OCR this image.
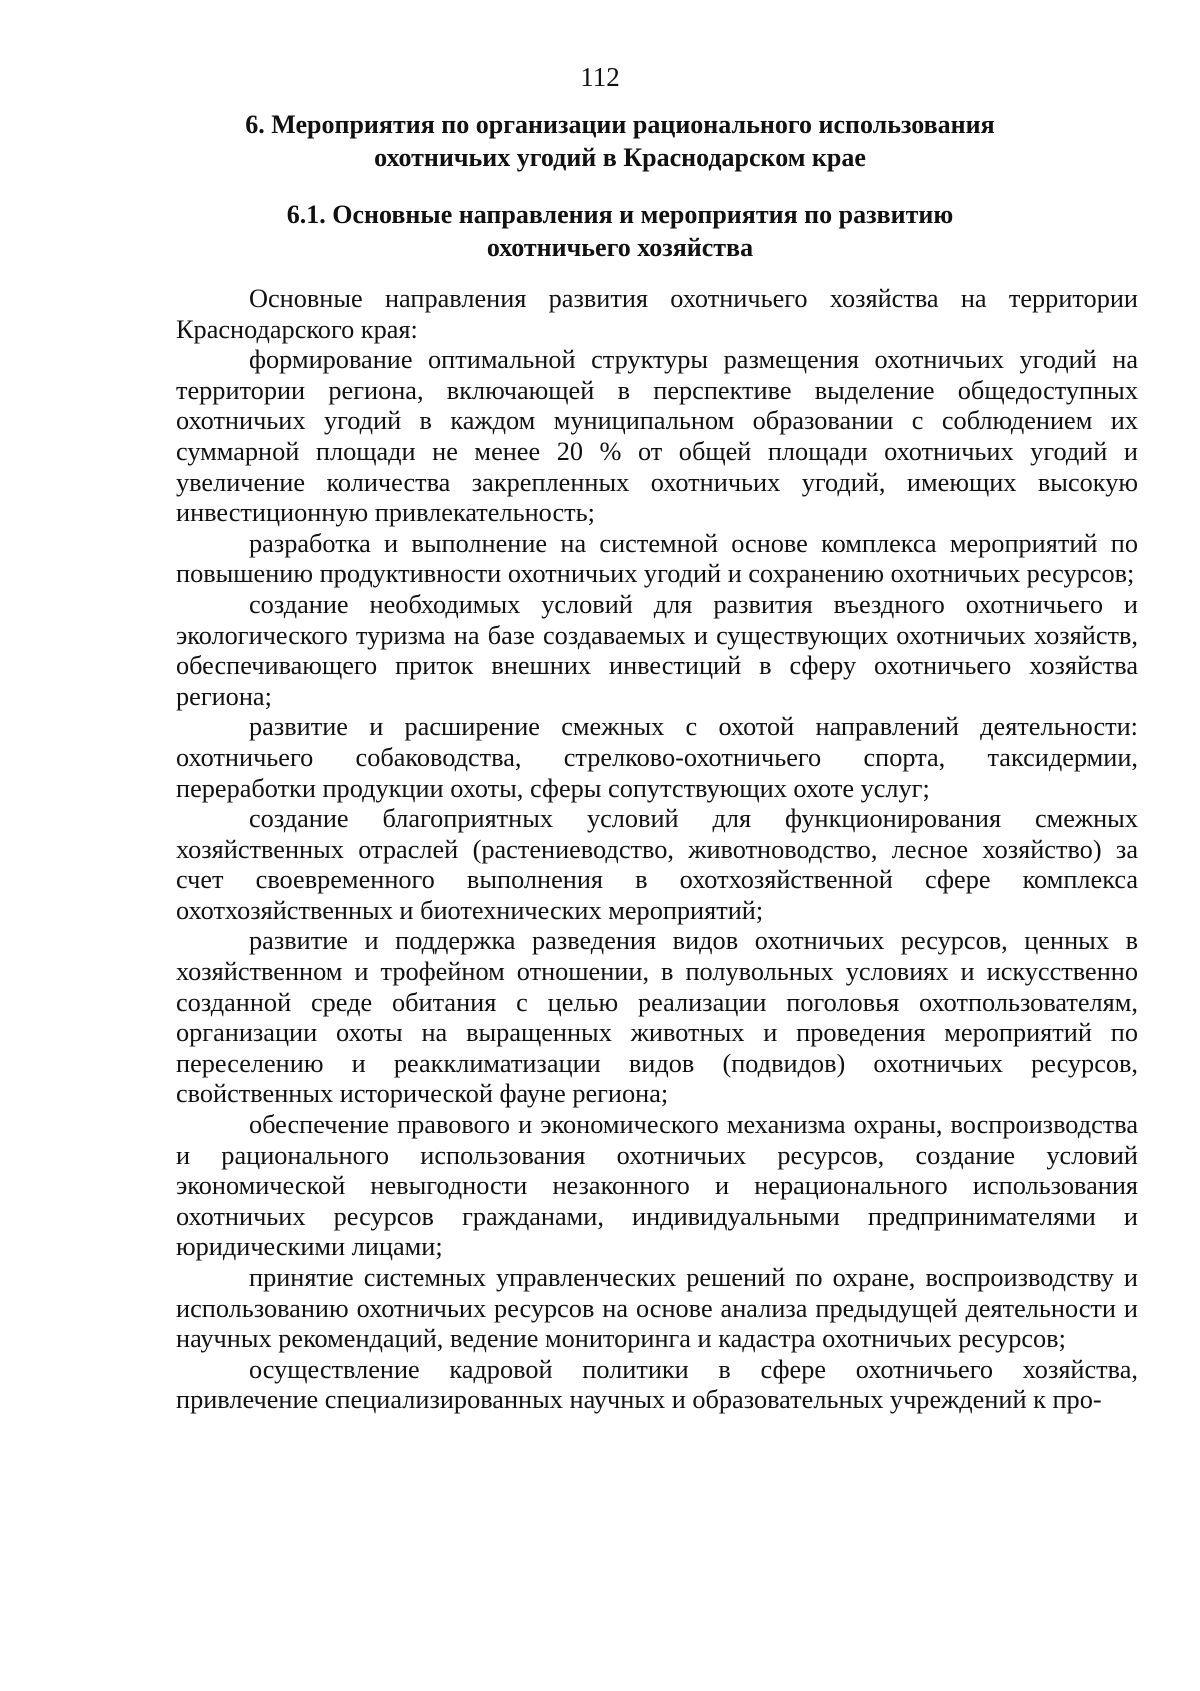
112
6. Мероприятия по организации рационального использования
охотничьих угодий в Краснодарском крае
6.1. Основные направления и мероприятия по развитию
охотничьего хозяйства

Основные направления развития охотничьего хозяйства на территории Краснодарского края:

формирование оптимальной структуры размещения охотничьих угодий на территории региона, включающей в перспективе выделение общедоступных охотничьих угодий в каждом муниципальном образовании с соблюдением их суммарной площади не менее 20 % от общей площади охотничьих угодий и увеличение количества закрепленных охотничьих угодий, имеющих высокую инвестиционную привлекательность;

разработка и выполнение на системной основе комплекса мероприятий по повышению продуктивности охотничьих угодий и сохранению охотничьих ресурсов;

создание необходимых условий для развития въездного охотничьего и экологического туризма на базе создаваемых и существующих охотничьих хозяйств, обеспечивающего приток внешних инвестиций в сферу охотничьего хозяйства региона;

развитие и расширение смежных с охотой направлений деятельности: охотничьего собаководства, стрелково-охотничьего спорта, таксидермии, переработки продукции охоты, сферы сопутствующих охоте услуг;

создание благоприятных условий для функционирования смежных хозяйственных отраслей (растениеводство, животноводство, лесное хозяйство) за счет своевременного выполнения в охотхозяйственной сфере комплекса охотхозяйственных и биотехнических мероприятий;

развитие и поддержка разведения видов охотничьих ресурсов, ценных в хозяйственном и трофейном отношении, в полувольных условиях и искусственно созданной среде обитания с целью реализации поголовья охотпользователям, организации охоты на выращенных животных и проведения мероприятий по переселению и реакклиматизации видов (подвидов) охотничьих ресурсов, свойственных исторической фауне региона;

обеспечение правового и экономического механизма охраны, воспроизводства и рационального использования охотничьих ресурсов, создание условий экономической невыгодности незаконного и нерационального использования охотничьих ресурсов гражданами, индивидуальными предпринимателями и юридическими лицами;

принятие системных управленческих решений по охране, воспроизводству и использованию охотничьих ресурсов на основе анализа предыдущей деятельности и научных рекомендаций, ведение мониторинга и кадастра охотничьих ресурсов;

осуществление кадровой политики в сфере охотничьего хозяйства, привлечение специализированных научных и образовательных учреждений к про-
